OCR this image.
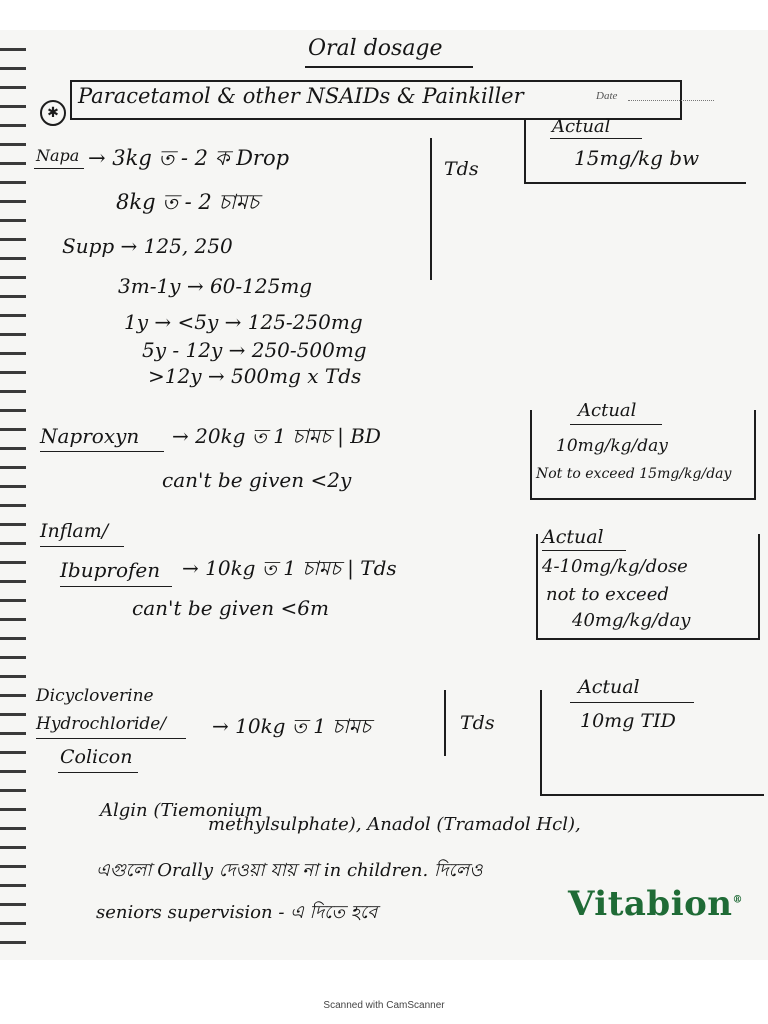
Oral dosage
✱
Paracetamol & other NSAIDs & Painkiller	Date
Napa → 3kg ত - 2 ক Drop
8kg ত - 2 চামচ
Tds
Actual
15mg/kg bw
Supp → 125, 250
3m-1y → 60-125mg
1y → <5y → 125-250mg
5y - 12y → 250-500mg
>12y → 500mg x Tds
Naproxyn → 20kg ত 1 চামচ | BD
can't be given <2y
Actual
10mg/kg/day
Not to exceed 15mg/kg/day
Inflam/
Ibuprofen → 10kg ত 1 চামচ | Tds
can't be given <6m
Actual
4-10mg/kg/dose
not to exceed
40mg/kg/day
Dicycloverine
Hydrochloride/
Colicon
→ 10kg ত 1 চামচ	Tds
Actual
10mg TID
Algin (Tiemonium
methylsulphate), Anadol (Tramadol Hcl),
এগুলো Orally দেওয়া যায় না in children. দিলেও
seniors supervision - এ দিতে হবে	Vitabion®
Scanned with CamScanner
